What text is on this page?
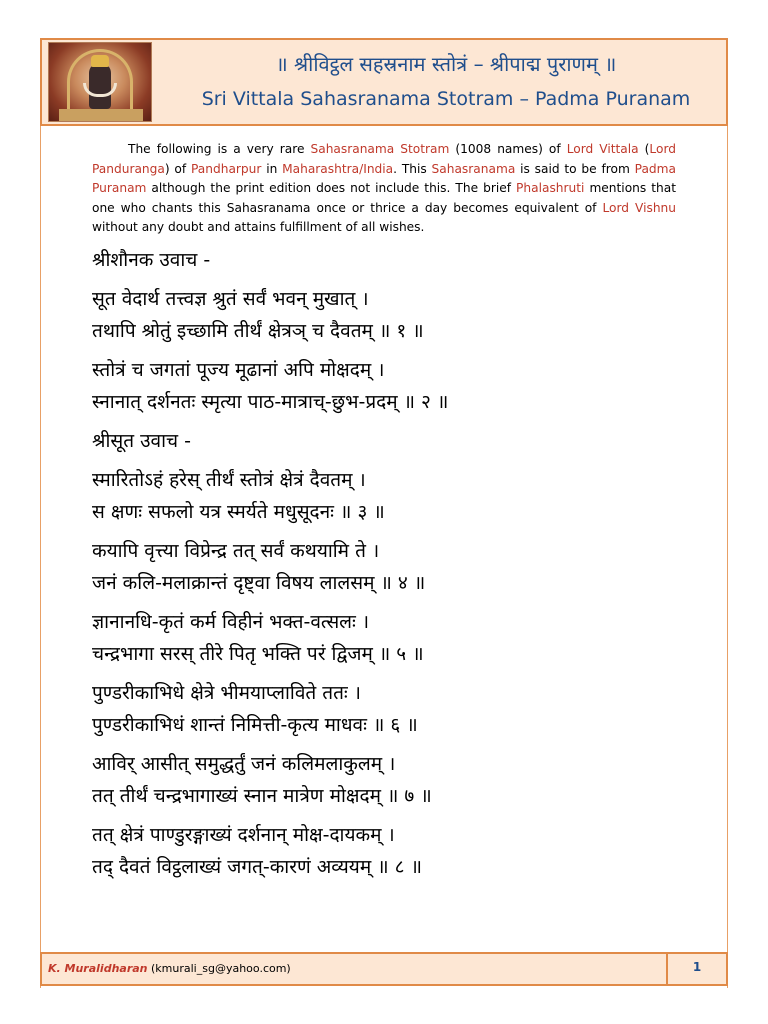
॥ श्रीविट्ठल सहस्रनाम स्तोत्रं – श्रीपाद्म पुराणम् ॥
Sri Vittala Sahasranama Stotram – Padma Puranam

The following is a very rare Sahasranama Stotram (1008 names) of Lord Vittala (Lord Panduranga) of Pandharpur in Maharashtra/India. This Sahasranama is said to be from Padma Puranam although the print edition does not include this. The brief Phalashruti mentions that one who chants this Sahasranama once or thrice a day becomes equivalent of Lord Vishnu without any doubt and attains fulfillment of all wishes.

श्रीशौनक उवाच -
सूत वेदार्थ तत्त्वज्ञ श्रुतं सर्वं भवन् मुखात् ।
तथापि श्रोतुं इच्छामि तीर्थं क्षेत्रञ् च दैवतम् ॥ १ ॥
स्तोत्रं च जगतां पूज्य मूढानां अपि मोक्षदम् ।
स्नानात् दर्शनतः स्मृत्या पाठ-मात्राच्-छुभ-प्रदम् ॥ २ ॥
श्रीसूत उवाच -
स्मारितोऽहं हरेस् तीर्थं स्तोत्रं क्षेत्रं दैवतम् ।
स क्षणः सफलो यत्र स्मर्यते मधुसूदनः ॥ ३ ॥
कयापि वृत्त्या विप्रेन्द्र तत् सर्वं कथयामि ते ।
जनं कलि-मलाक्रान्तं दृष्ट्वा विषय लालसम् ॥ ४ ॥
ज्ञानानधि-कृतं कर्म विहीनं भक्त-वत्सलः ।
चन्द्रभागा सरस् तीरे पितृ भक्ति परं द्विजम् ॥ ५ ॥
पुण्डरीकाभिधे क्षेत्रे भीमयाप्लाविते ततः ।
पुण्डरीकाभिधं शान्तं निमित्ती-कृत्य माधवः ॥ ६ ॥
आविर् आसीत् समुद्धर्तुं जनं कलिमलाकुलम् ।
तत् तीर्थं चन्द्रभागाख्यं स्नान मात्रेण मोक्षदम् ॥ ७ ॥
तत् क्षेत्रं पाण्डुरङ्गाख्यं दर्शनान् मोक्ष-दायकम् ।
तद् दैवतं विट्ठलाख्यं जगत्-कारणं अव्ययम् ॥ ८ ॥
K. Muralidharan (kmurali_sg@yahoo.com)	1
